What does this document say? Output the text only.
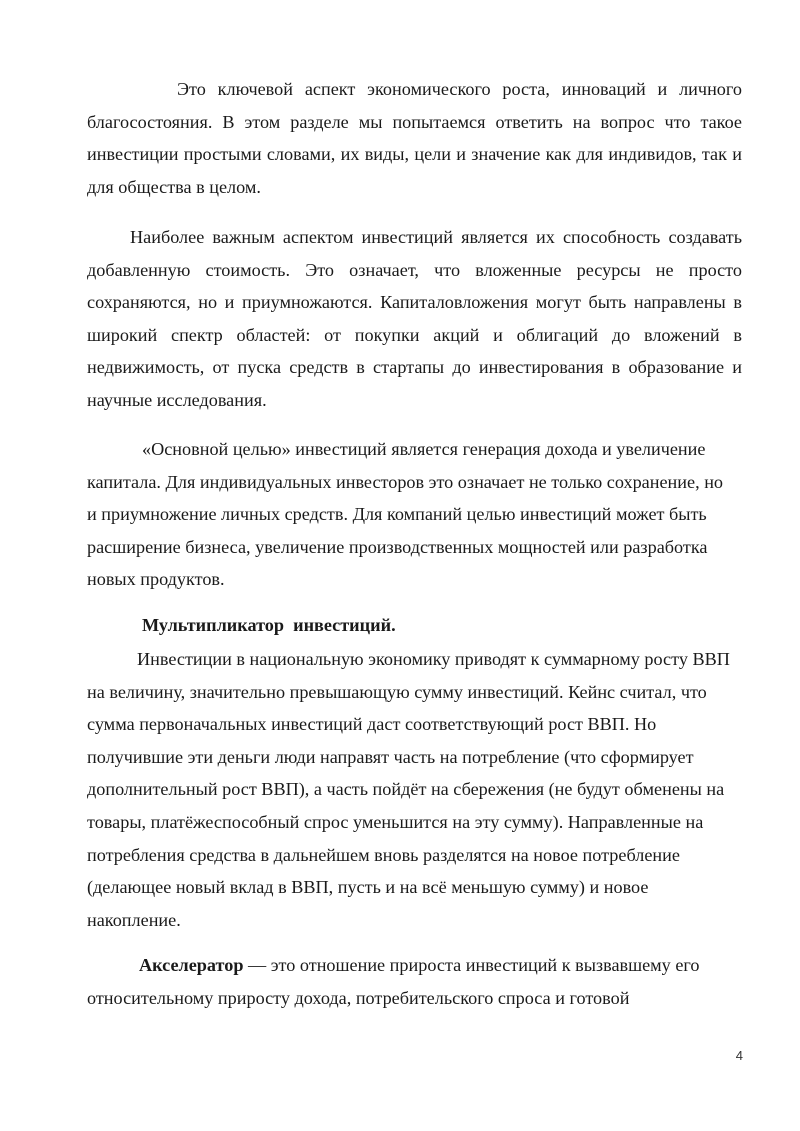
Это ключевой аспект экономического роста, инноваций и личного благосостояния. В этом разделе мы попытаемся ответить на вопрос что такое инвестиции простыми словами, их виды, цели и значение как для индивидов, так и для общества в целом.

Наиболее важным аспектом инвестиций является их способность создавать добавленную стоимость. Это означает, что вложенные ресурсы не просто сохраняются, но и приумножаются. Капиталовложения могут быть направлены в широкий спектр областей: от покупки акций и облигаций до вложений в недвижимость, от пуска средств в стартапы до инвестирования в образование и научные исследования.

«Основной целью» инвестиций является генерация дохода и увеличение капитала. Для индивидуальных инвесторов это означает не только сохранение, но и приумножение личных средств. Для компаний целью инвестиций может быть расширение бизнеса, увеличение производственных мощностей или разработка новых продуктов.

Мультипликатор  инвестиций.

Инвестиции в национальную экономику приводят к суммарному росту ВВП на величину, значительно превышающую сумму инвестиций. Кейнс считал, что сумма первоначальных инвестиций даст соответствующий рост ВВП. Но получившие эти деньги люди направят часть на потребление (что сформирует дополнительный рост ВВП), а часть пойдёт на сбережения (не будут обменены на товары, платёжеспособный спрос уменьшится на эту сумму). Направленные на потребления средства в дальнейшем вновь разделятся на новое потребление (делающее новый вклад в ВВП, пусть и на всё меньшую сумму) и новое накопление.

Акселератор — это отношение прироста инвестиций к вызвавшему его относительному приросту дохода, потребительского спроса и готовой

4
